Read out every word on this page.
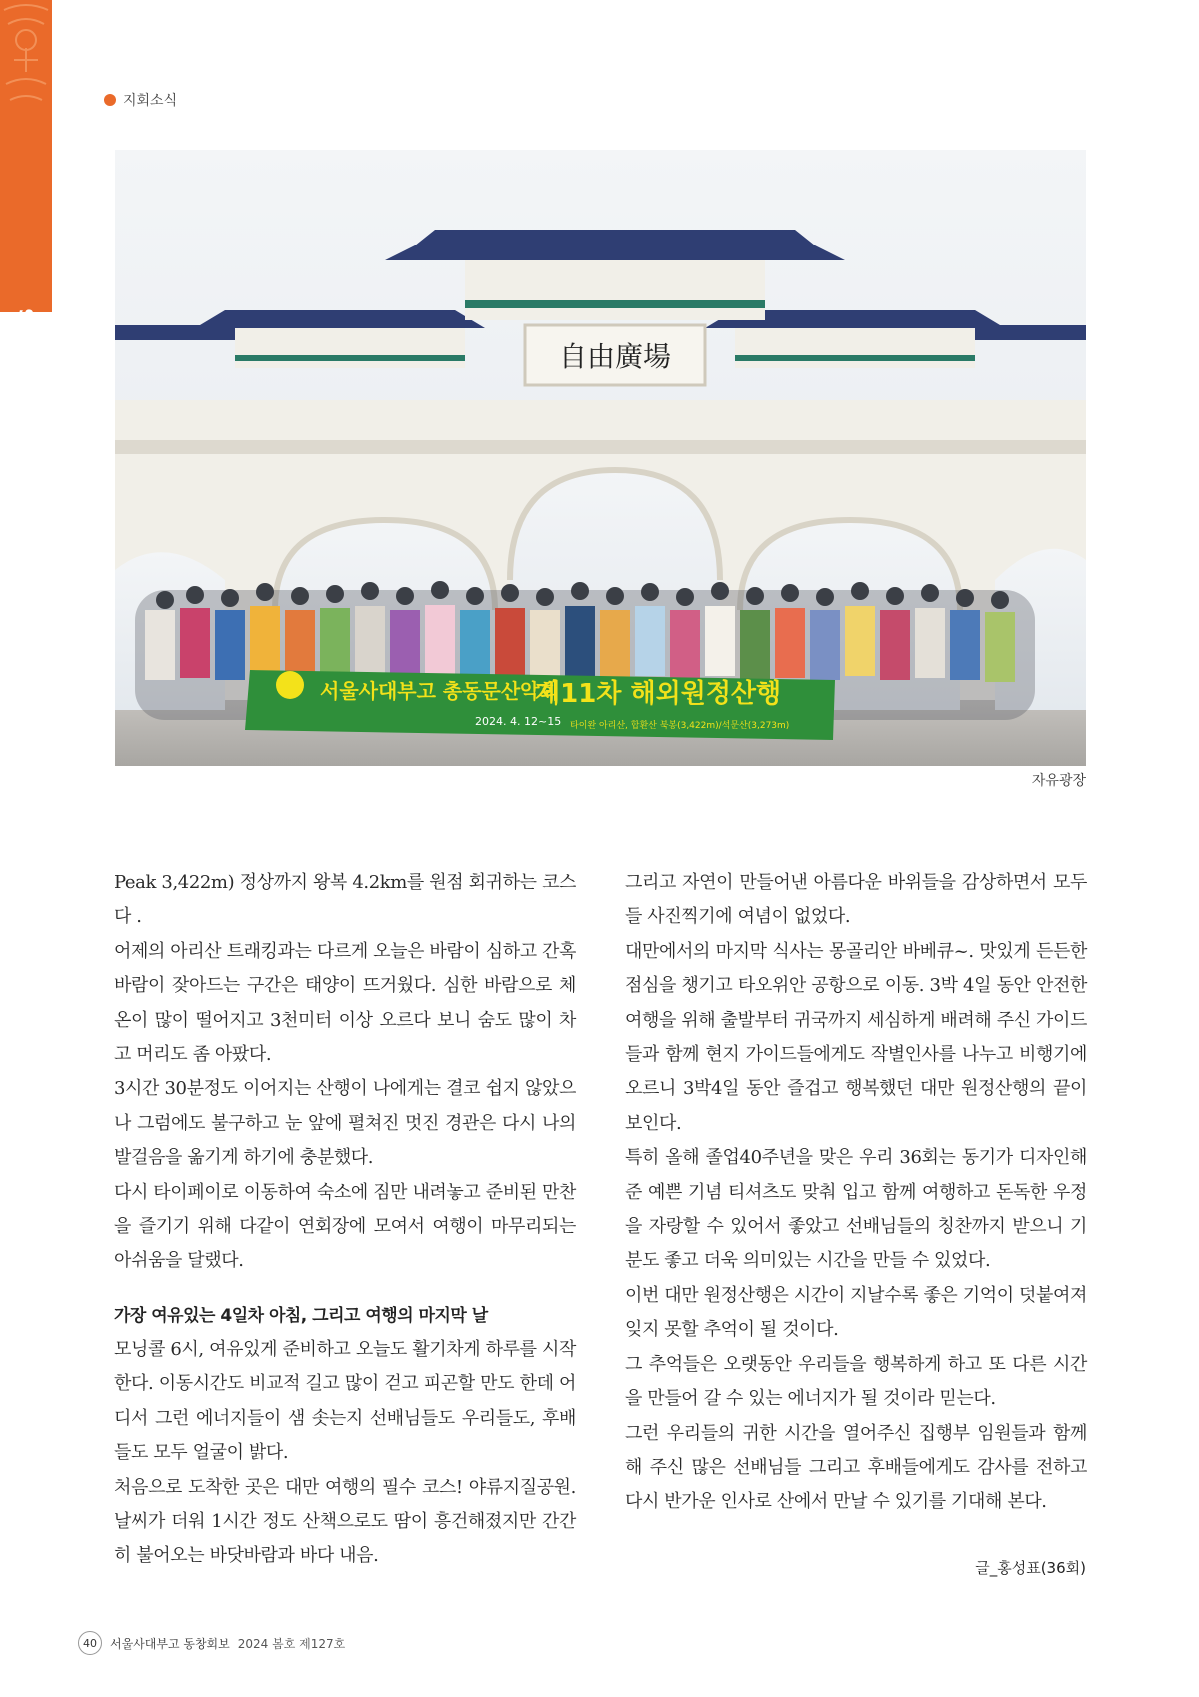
BRANCH NEWS
지회소식
自由廣場
서울사대부고 총동문산악회
제11차 해외원정산행
2024. 4. 12~15 타이완 아리산, 합환산 북봉(3,422m)/석문산(3,273m)
자유광장

Peak 3,422m) 정상까지 왕복 4.2km를 원점 회귀하는 코스다 .

어제의 아리산 트래킹과는 다르게 오늘은 바람이 심하고 간혹 바람이 잦아드는 구간은 태양이 뜨거웠다. 심한 바람으로 체온이 많이 떨어지고 3천미터 이상 오르다 보니 숨도 많이 차고 머리도 좀 아팠다.

3시간 30분정도 이어지는 산행이 나에게는 결코 쉽지 않았으나 그럼에도 불구하고 눈 앞에 펼쳐진 멋진 경관은 다시 나의 발걸음을 옮기게 하기에 충분했다.

다시 타이페이로 이동하여 숙소에 짐만 내려놓고 준비된 만찬을 즐기기 위해 다같이 연회장에 모여서 여행이 마무리되는 아쉬움을 달랬다.

가장 여유있는 4일차 아침, 그리고 여행의 마지막 날

모닝콜 6시, 여유있게 준비하고 오늘도 활기차게 하루를 시작한다. 이동시간도 비교적 길고 많이 걷고 피곤할 만도 한데 어디서 그런 에너지들이 샘 솟는지 선배님들도 우리들도, 후배들도 모두 얼굴이 밝다.

처음으로 도착한 곳은 대만 여행의 필수 코스! 야류지질공원. 날씨가 더워 1시간 정도 산책으로도 땀이 흥건해졌지만 간간히 불어오는 바닷바람과 바다 내음.

그리고 자연이 만들어낸 아름다운 바위들을 감상하면서 모두들 사진찍기에 여념이 없었다.

대만에서의 마지막 식사는 몽골리안 바베큐~. 맛있게 든든한 점심을 챙기고 타오위안 공항으로 이동. 3박 4일 동안 안전한 여행을 위해 출발부터 귀국까지 세심하게 배려해 주신 가이드들과 함께 현지 가이드들에게도 작별인사를 나누고 비행기에 오르니 3박4일 동안 즐겁고 행복했던 대만 원정산행의 끝이 보인다.

특히 올해 졸업40주년을 맞은 우리 36회는 동기가 디자인해준 예쁜 기념 티셔츠도 맞춰 입고 함께 여행하고 돈독한 우정을 자랑할 수 있어서 좋았고 선배님들의 칭찬까지 받으니 기분도 좋고 더욱 의미있는 시간을 만들 수 있었다.

이번 대만 원정산행은 시간이 지날수록 좋은 기억이 덧붙여져 잊지 못할 추억이 될 것이다.

그 추억들은 오랫동안 우리들을 행복하게 하고 또 다른 시간을 만들어 갈 수 있는 에너지가 될 것이라 믿는다.

그런 우리들의 귀한 시간을 열어주신 집행부 임원들과 함께 해 주신 많은 선배님들 그리고 후배들에게도 감사를 전하고 다시 반가운 인사로 산에서 만날 수 있기를 기대해 본다.

글_홍성표(36회)
40	서울사대부고 동창회보 2024 봄호 제127호
